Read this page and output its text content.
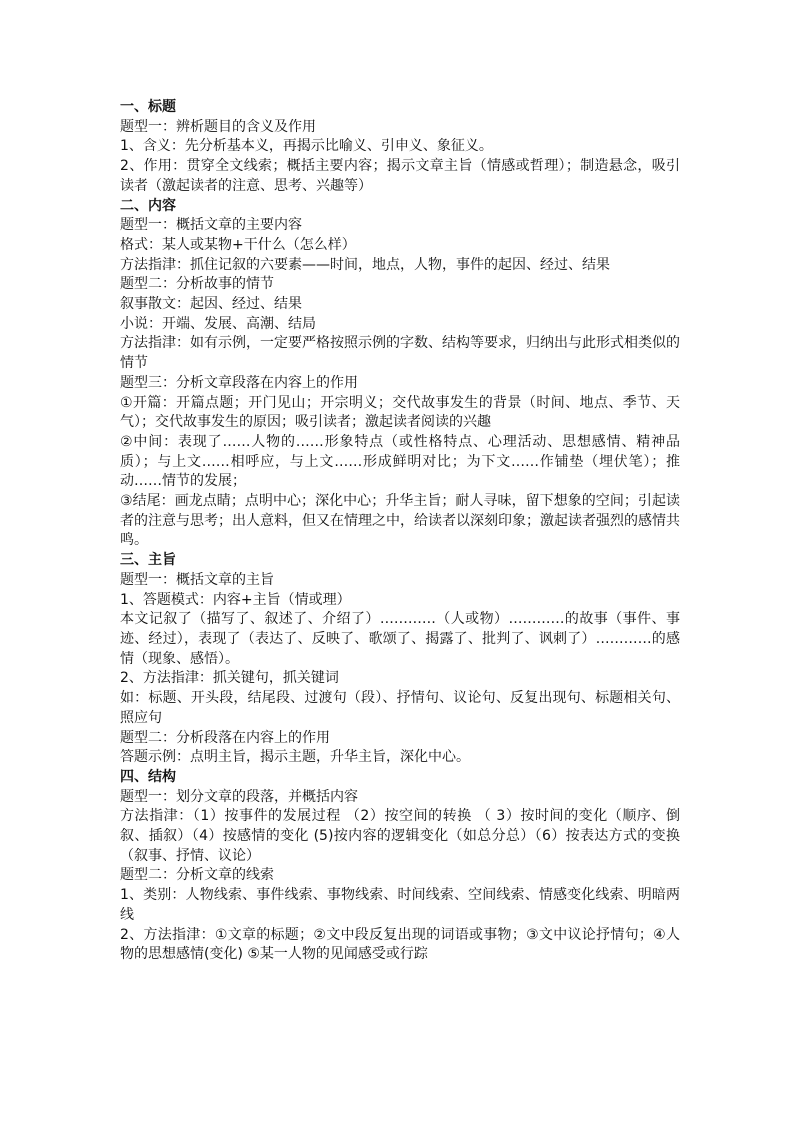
一、标题

题型一：辨析题目的含义及作用

1、含义：先分析基本义，再揭示比喻义、引申义、象征义。

2、作用：贯穿全文线索；概括主要内容；揭示文章主旨（情感或哲理）；制造悬念，吸引读者（激起读者的注意、思考、兴趣等）

二、内容

题型一：概括文章的主要内容

格式：某人或某物+干什么（怎么样）

方法指津：抓住记叙的六要素——时间，地点，人物，事件的起因、经过、结果

题型二：分析故事的情节

叙事散文：起因、经过、结果

小说：开端、发展、高潮、结局

方法指津：如有示例，一定要严格按照示例的字数、结构等要求，归纳出与此形式相类似的情节

题型三：分析文章段落在内容上的作用

①开篇：开篇点题；开门见山；开宗明义；交代故事发生的背景（时间、地点、季节、天气）；交代故事发生的原因；吸引读者；激起读者阅读的兴趣

②中间：表现了……人物的……形象特点（或性格特点、心理活动、思想感情、精神品质）；与上文……相呼应，与上文……形成鲜明对比；为下文……作铺垫（埋伏笔）；推动……情节的发展；

③结尾：画龙点睛；点明中心；深化中心；升华主旨；耐人寻味，留下想象的空间；引起读者的注意与思考；出人意料，但又在情理之中，给读者以深刻印象；激起读者强烈的感情共鸣。

三、主旨

题型一：概括文章的主旨

1、答题模式：内容+主旨（情或理）

本文记叙了（描写了、叙述了、介绍了）…………（人或物）…………的故事（事件、事迹、经过），表现了（表达了、反映了、歌颂了、揭露了、批判了、讽刺了）…………的感情（现象、感悟）。

2、方法指津：抓关键句，抓关键词

如：标题、开头段，结尾段、过渡句（段）、抒情句、议论句、反复出现句、标题相关句、照应句

题型二：分析段落在内容上的作用

答题示例：点明主旨，揭示主题，升华主旨，深化中心。

四、结构

题型一：划分文章的段落，并概括内容

方法指津：（1）按事件的发展过程 （2）按空间的转换 （ 3）按时间的变化（顺序、倒叙、插叙）（4）按感情的变化 (5)按内容的逻辑变化（如总分总）（6）按表达方式的变换（叙事、抒情、议论）

题型二：分析文章的线索

1、类别：人物线索、事件线索、事物线索、时间线索、空间线索、情感变化线索、明暗两线

2、方法指津：①文章的标题；②文中段反复出现的词语或事物；③文中议论抒情句；④人物的思想感情(变化) ⑤某一人物的见闻感受或行踪
